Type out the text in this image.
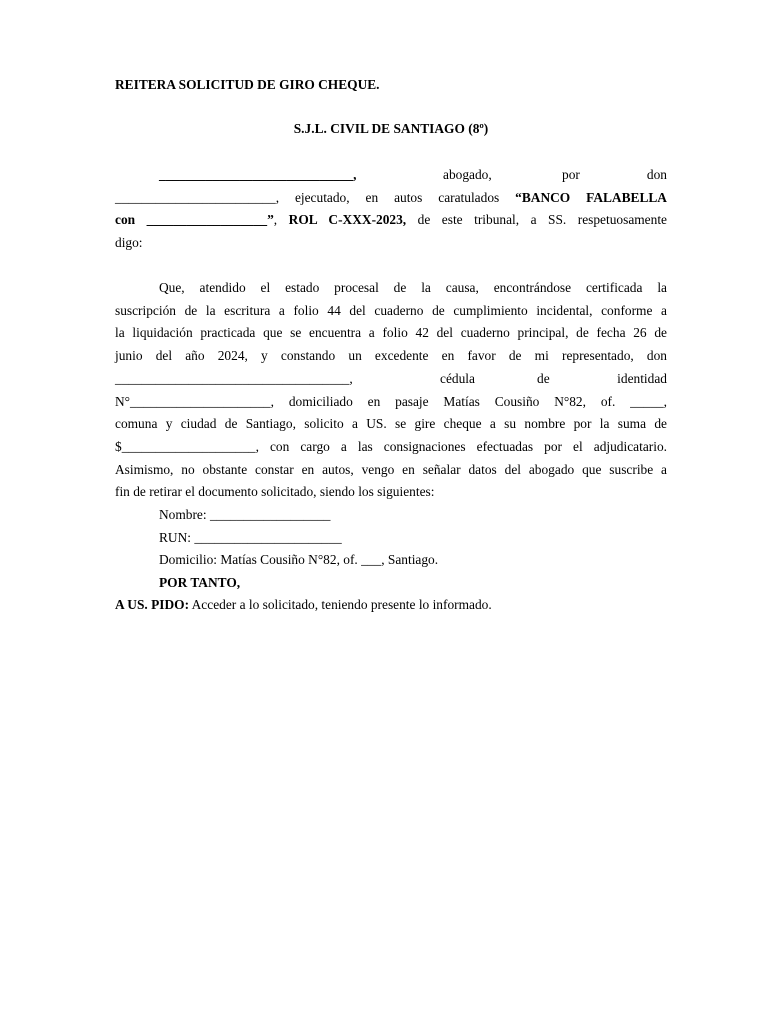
REITERA SOLICITUD DE GIRO CHEQUE.
S.J.L. CIVIL DE SANTIAGO (8º)
_____________________________,	abogado,	por	don
________________________, ejecutado, en autos caratulados “BANCO FALABELLA
con __________________”, ROL C-XXX-2023, de este tribunal, a SS. respetuosamente
digo:
Que, atendido el estado procesal de la causa, encontrándose certificada la
suscripción de la escritura a folio 44 del cuaderno de cumplimiento incidental, conforme a
la liquidación practicada que se encuentra a folio 42 del cuaderno principal, de fecha 26 de
junio del año 2024, y constando un excedente en favor de mi representado, don
___________________________________,	cédula	de	identidad
N°_____________________, domiciliado en pasaje Matías Cousiño N°82, of. _____,
comuna y ciudad de Santiago, solicito a US. se gire cheque a su nombre por la suma de
$____________________, con cargo a las consignaciones efectuadas por el adjudicatario.
Asimismo, no obstante constar en autos, vengo en señalar datos del abogado que suscribe a
fin de retirar el documento solicitado, siendo los siguientes:
Nombre: __________________
RUN: ______________________
Domicilio: Matías Cousiño N°82, of. ___, Santiago.
POR TANTO,
A US. PIDO: Acceder a lo solicitado, teniendo presente lo informado.
